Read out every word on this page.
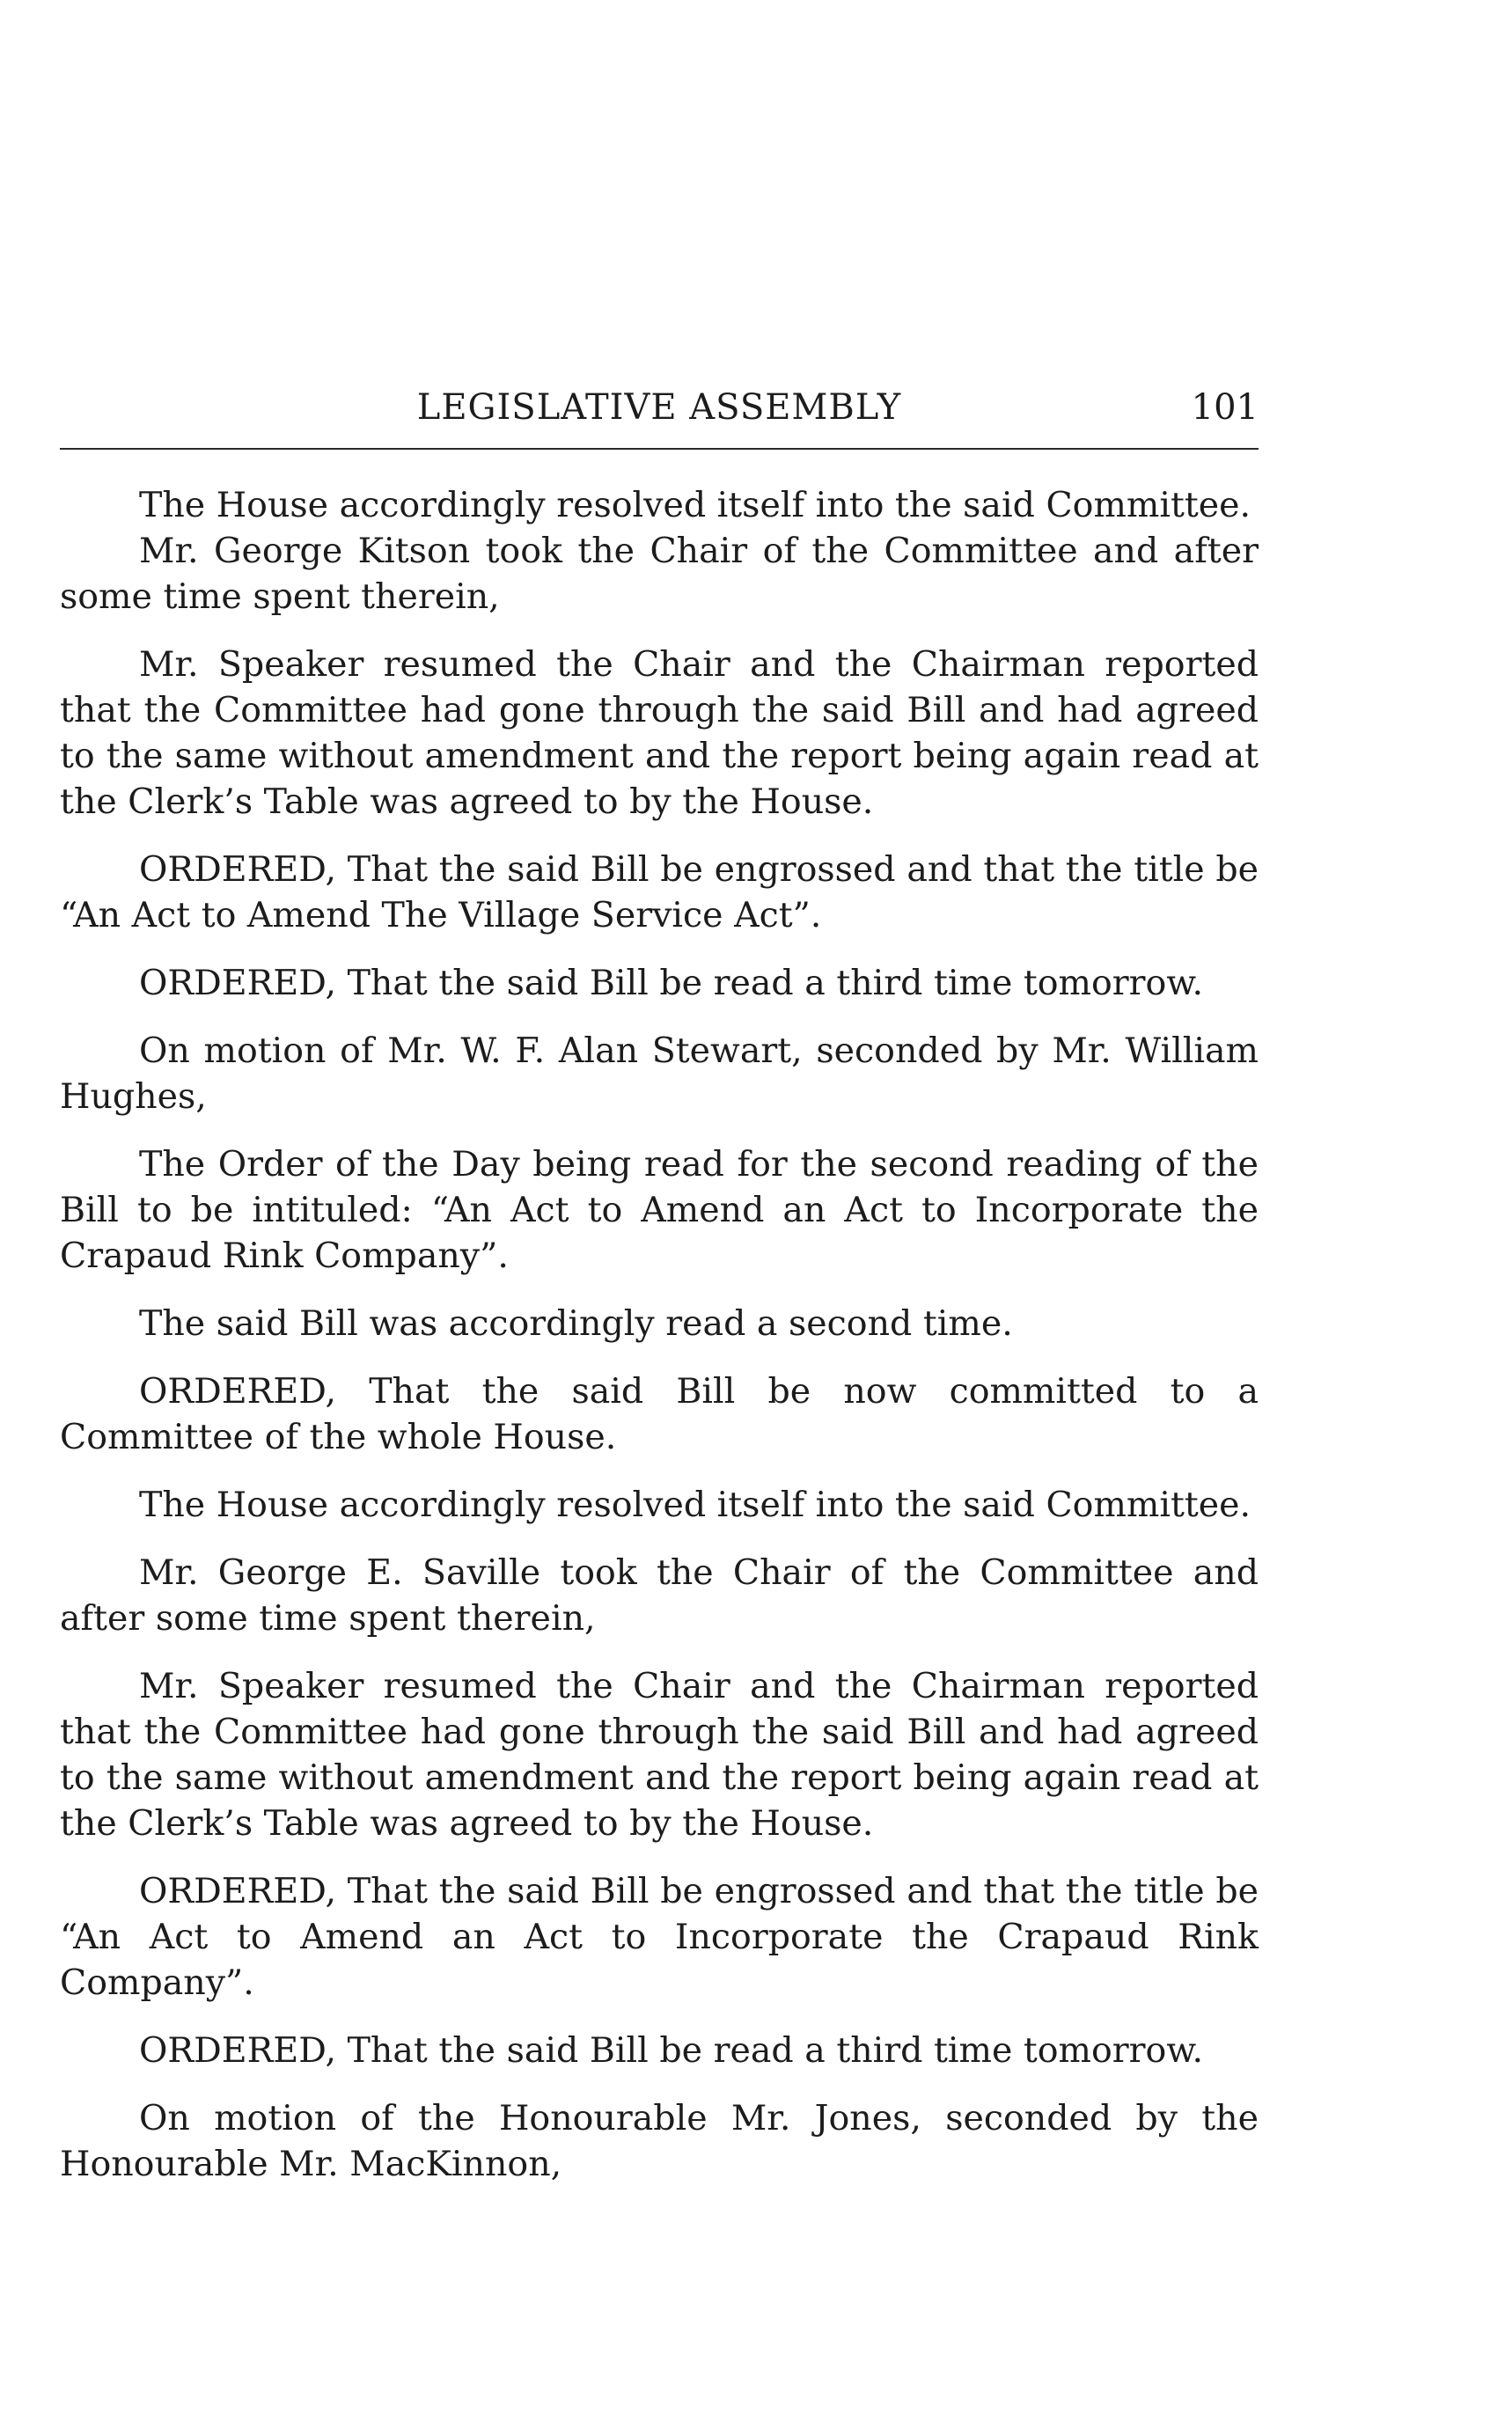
LEGISLATIVE ASSEMBLY	101

The House accordingly resolved itself into the said Committee.

Mr. George Kitson took the Chair of the Committee and after some time spent therein,

Mr. Speaker resumed the Chair and the Chairman reported that the Committee had gone through the said Bill and had agreed to the same without amendment and the report being again read at the Clerk’s Table was agreed to by the House.

ORDERED, That the said Bill be engrossed and that the title be “An Act to Amend The Village Service Act”.

ORDERED, That the said Bill be read a third time tomorrow.

On motion of Mr. W. F. Alan Stewart, seconded by Mr. William Hughes,

The Order of the Day being read for the second reading of the Bill to be intituled: “An Act to Amend an Act to Incorporate the Crapaud Rink Company”.

The said Bill was accordingly read a second time.

ORDERED, That the said Bill be now committed to a Committee of the whole House.

The House accordingly resolved itself into the said Committee.

Mr. George E. Saville took the Chair of the Committee and after some time spent therein,

Mr. Speaker resumed the Chair and the Chairman reported that the Committee had gone through the said Bill and had agreed to the same without amendment and the report being again read at the Clerk’s Table was agreed to by the House.

ORDERED, That the said Bill be engrossed and that the title be “An Act to Amend an Act to Incorporate the Crapaud Rink Company”.

ORDERED, That the said Bill be read a third time tomorrow.

On motion of the Honourable Mr. Jones, seconded by the Honourable Mr. MacKinnon,
